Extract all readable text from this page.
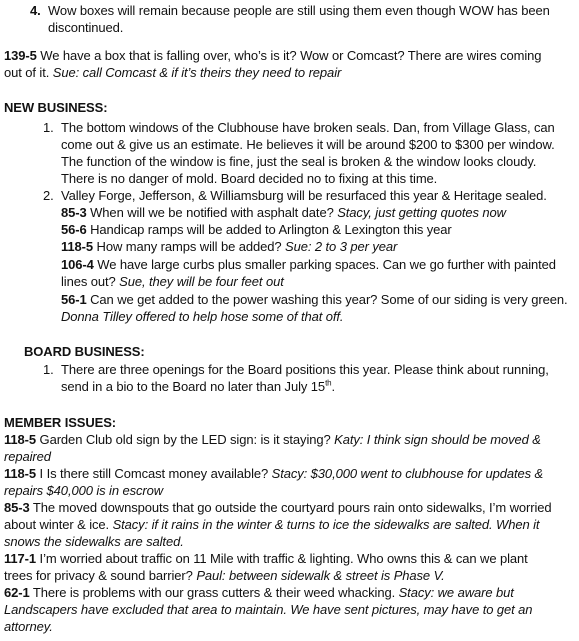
4. Wow boxes will remain because people are still using them even though WOW has been
discontinued.
139-5 We have a box that is falling over, who’s is it? Wow or Comcast? There are wires coming
out of it. Sue: call Comcast & if it’s theirs they need to repair
NEW BUSINESS:
1. The bottom windows of the Clubhouse have broken seals. Dan, from Village Glass, can
come out & give us an estimate. He believes it will be around $200 to $300 per window.
The function of the window is fine, just the seal is broken & the window looks cloudy.
There is no danger of mold. Board decided no to fixing at this time.
2. Valley Forge, Jefferson, & Williamsburg will be resurfaced this year & Heritage sealed.
85-3 When will we be notified with asphalt date? Stacy, just getting quotes now
56-6 Handicap ramps will be added to Arlington & Lexington this year
118-5 How many ramps will be added? Sue: 2 to 3 per year
106-4 We have large curbs plus smaller parking spaces. Can we go further with painted
lines out? Sue, they will be four feet out
56-1 Can we get added to the power washing this year? Some of our siding is very green.
Donna Tilley offered to help hose some of that off.
BOARD BUSINESS:
1. There are three openings for the Board positions this year. Please think about running,
send in a bio to the Board no later than July 15th.
MEMBER ISSUES:
118-5 Garden Club old sign by the LED sign: is it staying? Katy: I think sign should be moved &
repaired
118-5 I Is there still Comcast money available? Stacy: $30,000 went to clubhouse for updates &
repairs $40,000 is in escrow
85-3 The moved downspouts that go outside the courtyard pours rain onto sidewalks, I’m worried
about winter & ice. Stacy: if it rains in the winter & turns to ice the sidewalks are salted. When it
snows the sidewalks are salted.
117-1 I’m worried about traffic on 11 Mile with traffic & lighting. Who owns this & can we plant
trees for privacy & sound barrier? Paul: between sidewalk & street is Phase V.
62-1 There is problems with our grass cutters & their weed whacking. Stacy: we aware but
Landscapers have excluded that area to maintain. We have sent pictures, may have to get an
attorney.
